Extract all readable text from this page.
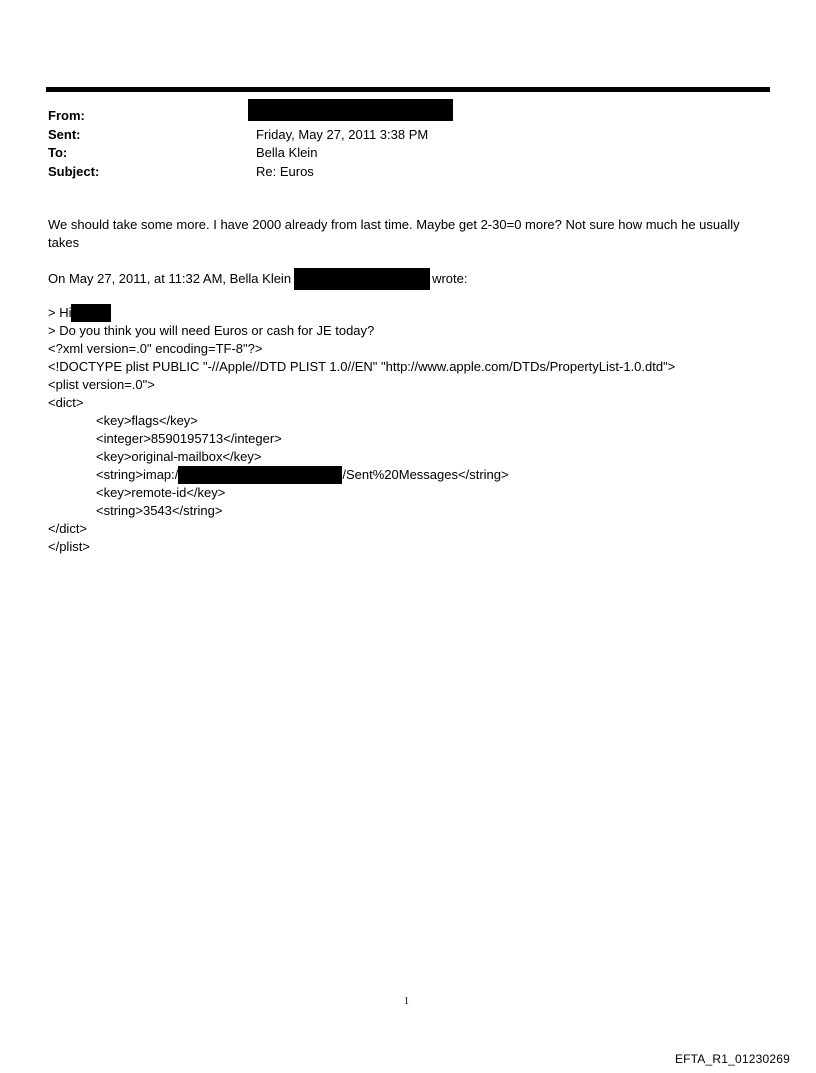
From:
Sent:	Friday, May 27, 2011 3:38 PM
To:	Bella Klein
Subject:	Re: Euros

We should take some more. I have 2000 already from last time. Maybe get 2-30=0 more? Not sure how much he usually takes

On May 27, 2011, at 11:32 AM, Bella Klein	wrote:
> Hi
> Do you think you will need Euros or cash for JE today?
<?xml version=.0" encoding=TF-8"?>
<!DOCTYPE plist PUBLIC "-//Apple//DTD PLIST 1.0//EN" "http://www.apple.com/DTDs/PropertyList-1.0.dtd">
<plist version=.0">
<dict>
<key>flags</key>
<integer>8590195713</integer>
<key>original-mailbox</key>
<string>imap:/	/Sent%20Messages</string>
<key>remote-id</key>
<string>3543</string>
</dict>
</plist>
1
EFTA_R1_01230269
